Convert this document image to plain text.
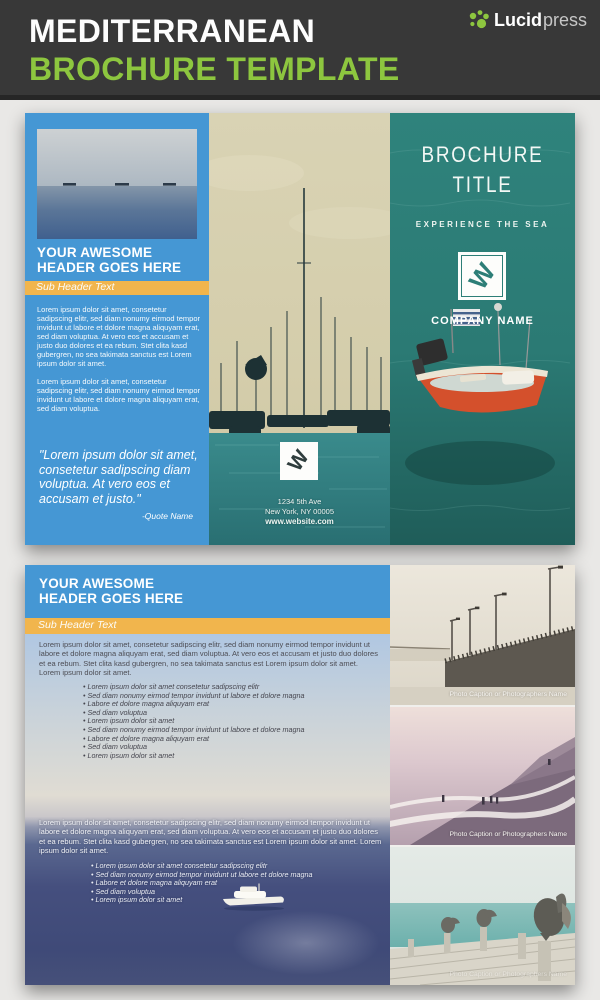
MEDITERRANEAN
BROCHURE TEMPLATE
Lucid press
YOUR AWESOME
HEADER GOES HERE
Sub Header Text

Lorem ipsum dolor sit amet, consetetur sadipscing elitr, sed diam nonumy eirmod tempor invidunt ut labore et dolore magna aliquyam erat, sed diam voluptua. At vero eos et accusam et justo duo dolores et ea rebum. Stet clita kasd gubergren, no sea takimata sanctus est Lorem ipsum dolor sit amet.

Lorem ipsum dolor sit amet, consetetur sadipscing elitr, sed diam nonumy eirmod tempor invidunt ut labore et dolore magna aliquyam erat, sed diam voluptua.

"Lorem ipsum dolor sit amet, consetetur sadipscing diam voluptua. At vero eos et accusam et justo."
-Quote Name
W
1234 5th Ave
New York, NY 00005
www.website.com
BROCHURE
TITLE
EXPERIENCE THE SEA
W
COMPANY NAME
YOUR AWESOME
HEADER GOES HERE
Sub Header Text

Lorem ipsum dolor sit amet, consetetur sadipscing elitr, sed diam nonumy eirmod tempor invidunt ut labore et dolore magna aliquyam erat, sed diam voluptua. At vero eos et accusam et justo duo dolores et ea rebum. Stet clita kasd gubergren, no sea takimata sanctus est Lorem ipsum dolor sit amet. Lorem ipsum dolor sit amet.

• Lorem ipsum dolor sit amet consetetur sadipscing elitr
• Sed diam nonumy eirmod tempor invidunt ut labore et dolore magna
• Labore et dolore magna aliquyam erat
• Sed diam voluptua
• Lorem ipsum dolor sit amet
• Sed diam nonumy eirmod tempor invidunt ut labore et dolore magna
• Labore et dolore magna aliquyam erat
• Sed diam voluptua
• Lorem ipsum dolor sit amet

Lorem ipsum dolor sit amet, consetetur sadipscing elitr, sed diam nonumy eirmod tempor invidunt ut labore et dolore magna aliquyam erat, sed diam voluptua. At vero eos et accusam et justo duo dolores et ea rebum. Stet clita kasd gubergren, no sea takimata sanctus est Lorem ipsum dolor sit amet. Lorem ipsum dolor sit amet.

• Lorem ipsum dolor sit amet consetetur sadipscing elitr
• Sed diam nonumy eirmod tempor invidunt ut labore et dolore magna
• Labore et dolore magna aliquyam erat
• Sed diam voluptua
• Lorem ipsum dolor sit amet
Photo Caption or Photographers Name
Photo Caption or Photographers Name
Photo Caption or Photographers Name
